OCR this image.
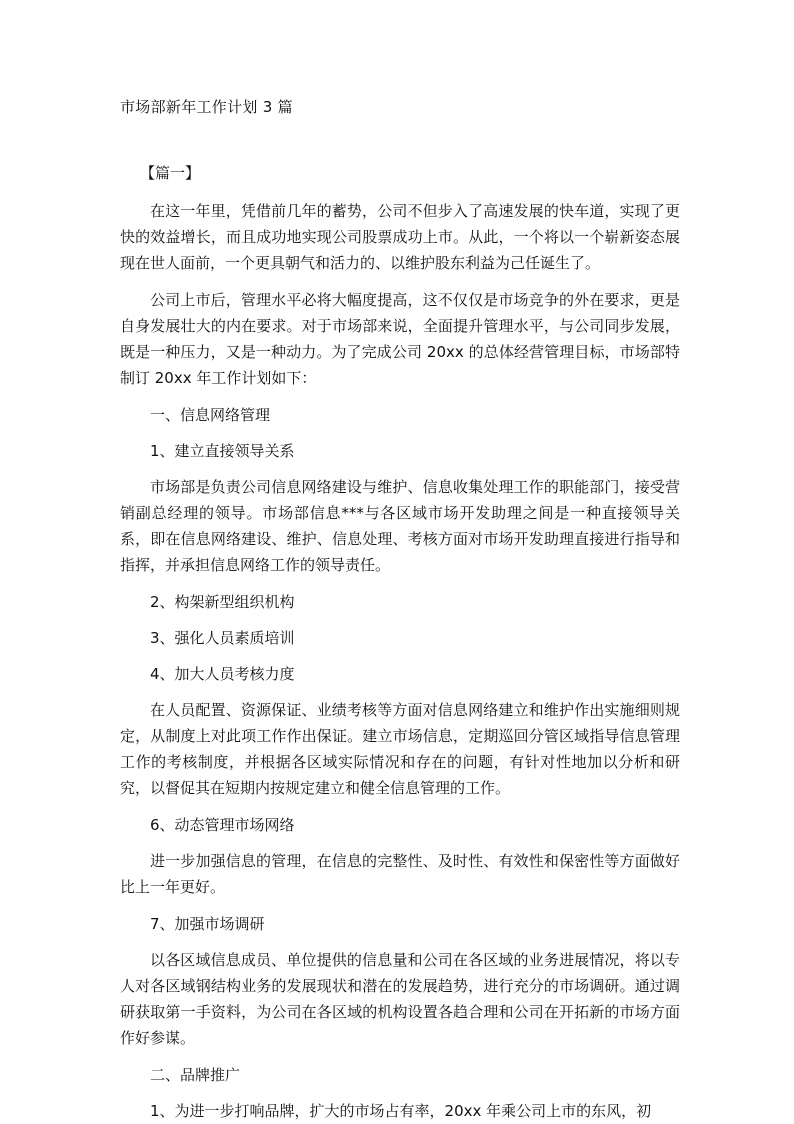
市场部新年工作计划 3 篇

【篇一】

在这一年里，凭借前几年的蓄势，公司不但步入了高速发展的快车道，实现了更快的效益增长，而且成功地实现公司股票成功上市。从此，一个将以一个崭新姿态展现在世人面前，一个更具朝气和活力的、以维护股东利益为己任诞生了。

公司上市后，管理水平必将大幅度提高，这不仅仅是市场竞争的外在要求，更是自身发展壮大的内在要求。对于市场部来说，全面提升管理水平，与公司同步发展，既是一种压力，又是一种动力。为了完成公司 20xx 的总体经营管理目标，市场部特制订 20xx 年工作计划如下：

一、信息网络管理

1、建立直接领导关系

市场部是负责公司信息网络建设与维护、信息收集处理工作的职能部门，接受营销副总经理的领导。市场部信息***与各区域市场开发助理之间是一种直接领导关系，即在信息网络建设、维护、信息处理、考核方面对市场开发助理直接进行指导和指挥，并承担信息网络工作的领导责任。

2、构架新型组织机构

3、强化人员素质培训

4、加大人员考核力度

在人员配置、资源保证、业绩考核等方面对信息网络建立和维护作出实施细则规定，从制度上对此项工作作出保证。建立市场信息，定期巡回分管区域指导信息管理工作的考核制度，并根据各区域实际情况和存在的问题，有针对性地加以分析和研究，以督促其在短期内按规定建立和健全信息管理的工作。

6、动态管理市场网络

进一步加强信息的管理，在信息的完整性、及时性、有效性和保密性等方面做好比上一年更好。

7、加强市场调研

以各区域信息成员、单位提供的信息量和公司在各区域的业务进展情况，将以专人对各区域钢结构业务的发展现状和潜在的发展趋势，进行充分的市场调研。通过调研获取第一手资料，为公司在各区域的机构设置各趋合理和公司在开拓新的市场方面作好参谋。

二、品牌推广

1、为进一步打响品牌，扩大的市场占有率，20xx 年乘公司上市的东风，初
